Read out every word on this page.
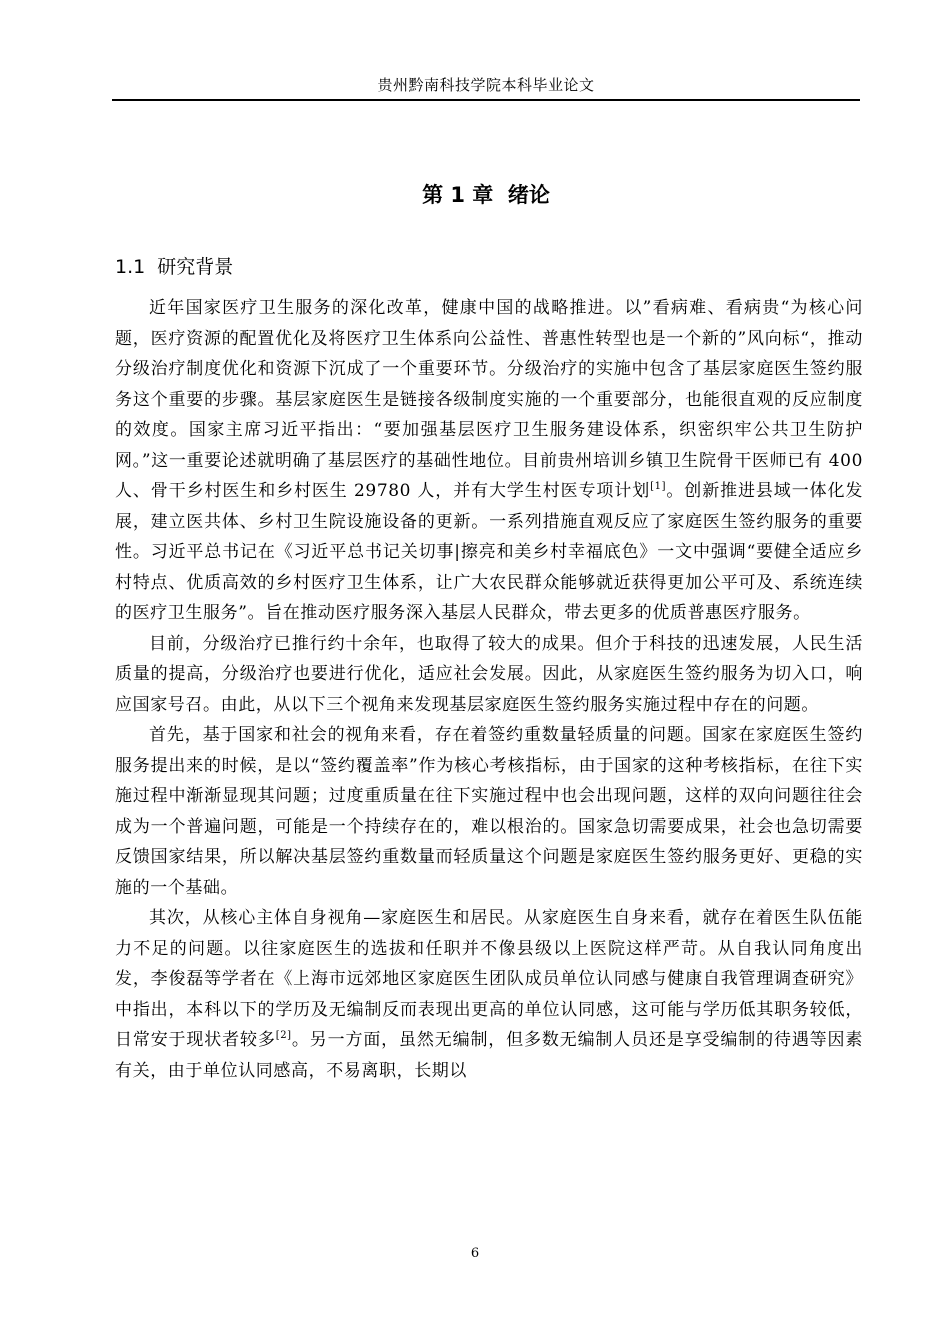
贵州黔南科技学院本科毕业论文
第 1 章  绪论
1.1  研究背景

近年国家医疗卫生服务的深化改革，健康中国的战略推进。以”看病难、看病贵“为核心问题，医疗资源的配置优化及将医疗卫生体系向公益性、普惠性转型也是一个新的”风向标“，推动分级治疗制度优化和资源下沉成了一个重要环节。分级治疗的实施中包含了基层家庭医生签约服务这个重要的步骤。基层家庭医生是链接各级制度实施的一个重要部分，也能很直观的反应制度的效度。国家主席习近平指出：“要加强基层医疗卫生服务建设体系，织密织牢公共卫生防护网。”这一重要论述就明确了基层医疗的基础性地位。目前贵州培训乡镇卫生院骨干医师已有 400 人、骨干乡村医生和乡村医生 29780 人，并有大学生村医专项计划[1]。创新推进县域一体化发展，建立医共体、乡村卫生院设施设备的更新。一系列措施直观反应了家庭医生签约服务的重要性。习近平总书记在《习近平总书记关切事|擦亮和美乡村幸福底色》一文中强调“要健全适应乡村特点、优质高效的乡村医疗卫生体系，让广大农民群众能够就近获得更加公平可及、系统连续的医疗卫生服务”。旨在推动医疗服务深入基层人民群众，带去更多的优质普惠医疗服务。

目前，分级治疗已推行约十余年，也取得了较大的成果。但介于科技的迅速发展，人民生活质量的提高，分级治疗也要进行优化，适应社会发展。因此，从家庭医生签约服务为切入口，响应国家号召。由此，从以下三个视角来发现基层家庭医生签约服务实施过程中存在的问题。

首先，基于国家和社会的视角来看，存在着签约重数量轻质量的问题。国家在家庭医生签约服务提出来的时候，是以“签约覆盖率”作为核心考核指标，由于国家的这种考核指标，在往下实施过程中渐渐显现其问题；过度重质量在往下实施过程中也会出现问题，这样的双向问题往往会成为一个普遍问题，可能是一个持续存在的，难以根治的。国家急切需要成果，社会也急切需要反馈国家结果，所以解决基层签约重数量而轻质量这个问题是家庭医生签约服务更好、更稳的实施的一个基础。

其次，从核心主体自身视角—家庭医生和居民。从家庭医生自身来看，就存在着医生队伍能力不足的问题。以往家庭医生的选拔和任职并不像县级以上医院这样严苛。从自我认同角度出发，李俊磊等学者在《上海市远郊地区家庭医生团队成员单位认同感与健康自我管理调查研究》中指出，本科以下的学历及无编制反而表现出更高的单位认同感，这可能与学历低其职务较低，日常安于现状者较多[2]。另一方面，虽然无编制，但多数无编制人员还是享受编制的待遇等因素有关，由于单位认同感高，不易离职，长期以

6
